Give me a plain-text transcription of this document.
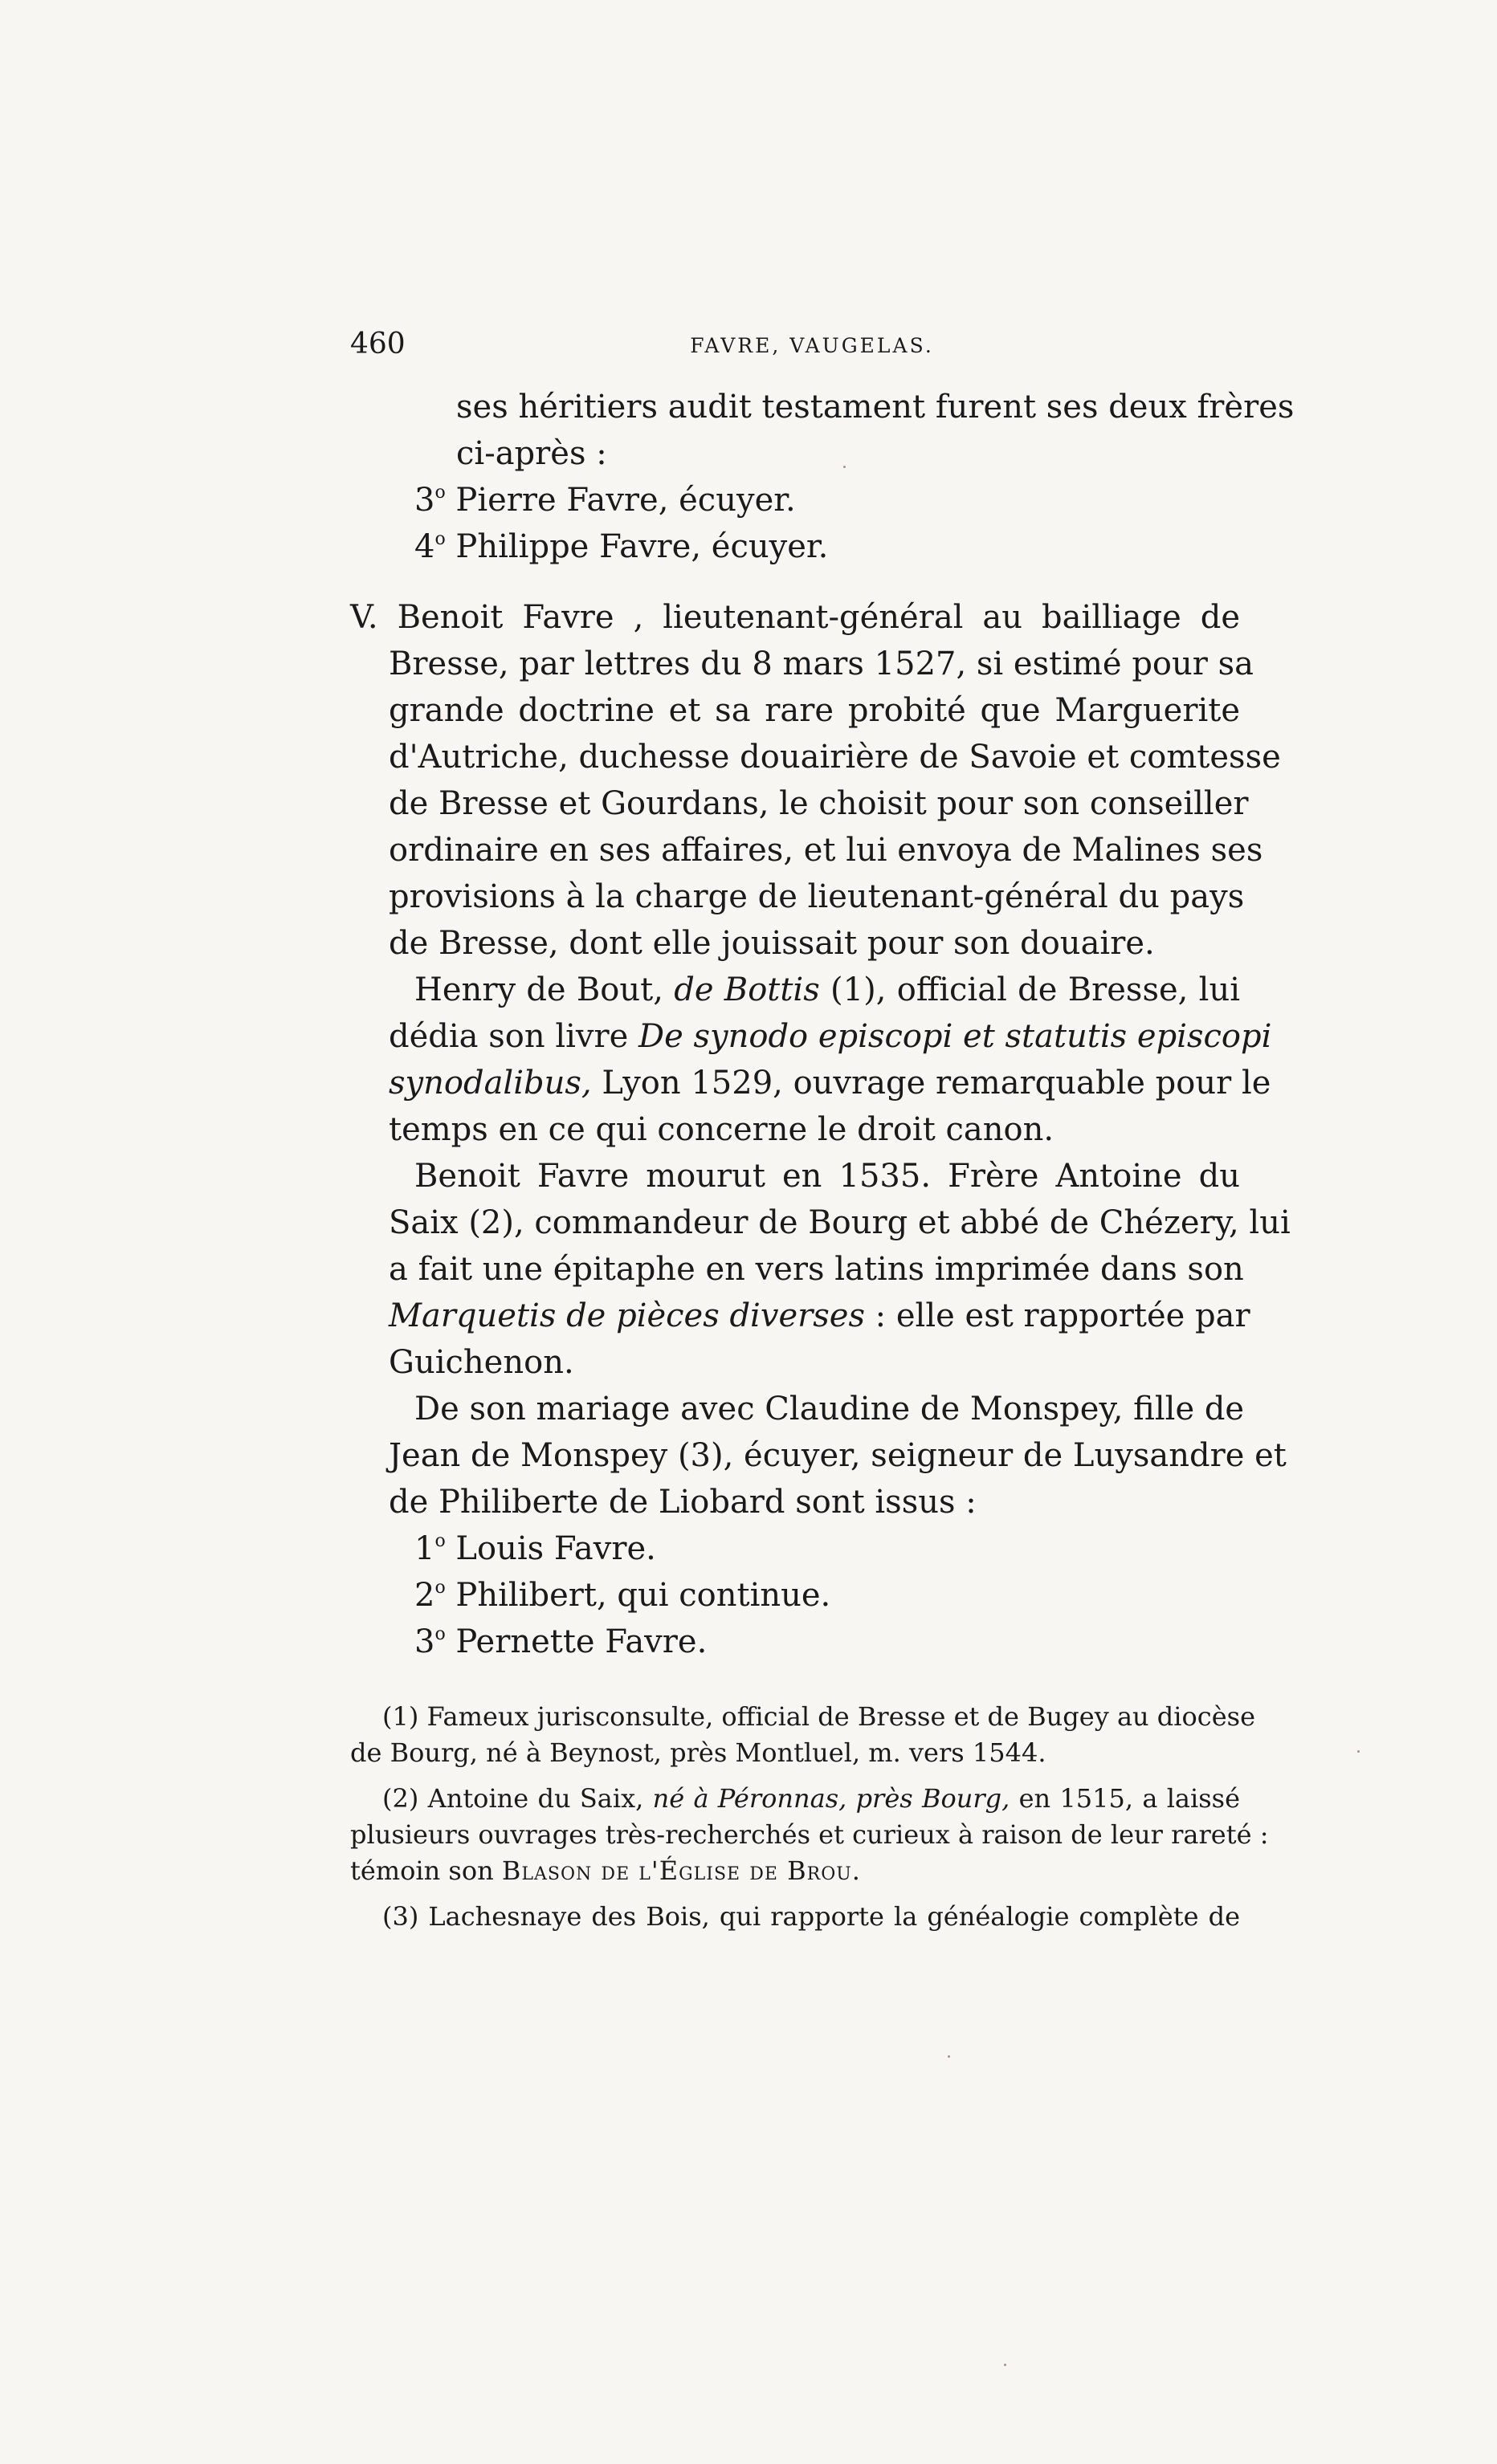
460	FAVRE, VAUGELAS.
ses héritiers audit testament furent ses deux frères
ci-après :
3$^o$ Pierre Favre, écuyer.
4$^o$ Philippe Favre, écuyer.
V. Benoit Favre , lieutenant-général au bailliage de
Bresse, par lettres du 8 mars 1527, si estimé pour sa
grande doctrine et sa rare probité que Marguerite
d'Autriche, duchesse douairière de Savoie et comtesse
de Bresse et Gourdans, le choisit pour son conseiller
ordinaire en ses affaires, et lui envoya de Malines ses
provisions à la charge de lieutenant-général du pays
de Bresse, dont elle jouissait pour son douaire.
Henry de Bout, de Bottis (1), official de Bresse, lui
dédia son livre De synodo episcopi et statutis episcopi
synodalibus, Lyon 1529, ouvrage remarquable pour le
temps en ce qui concerne le droit canon.
Benoit Favre mourut en 1535. Frère Antoine du
Saix (2), commandeur de Bourg et abbé de Chézery, lui
a fait une épitaphe en vers latins imprimée dans son
Marquetis de pièces diverses : elle est rapportée par
Guichenon.
De son mariage avec Claudine de Monspey, fille de
Jean de Monspey (3), écuyer, seigneur de Luysandre et
de Philiberte de Liobard sont issus :
1$^o$ Louis Favre.
2$^o$ Philibert, qui continue.
3$^o$ Pernette Favre.
(1) Fameux jurisconsulte, official de Bresse et de Bugey au diocèse
de Bourg, né à Beynost, près Montluel, m. vers 1544.
(2) Antoine du Saix, né à Péronnas, près Bourg, en 1515, a laissé
plusieurs ouvrages très-recherchés et curieux à raison de leur rareté :
témoin son Blason de l'Église de Brou.
(3) Lachesnaye des Bois, qui rapporte la généalogie complète de
